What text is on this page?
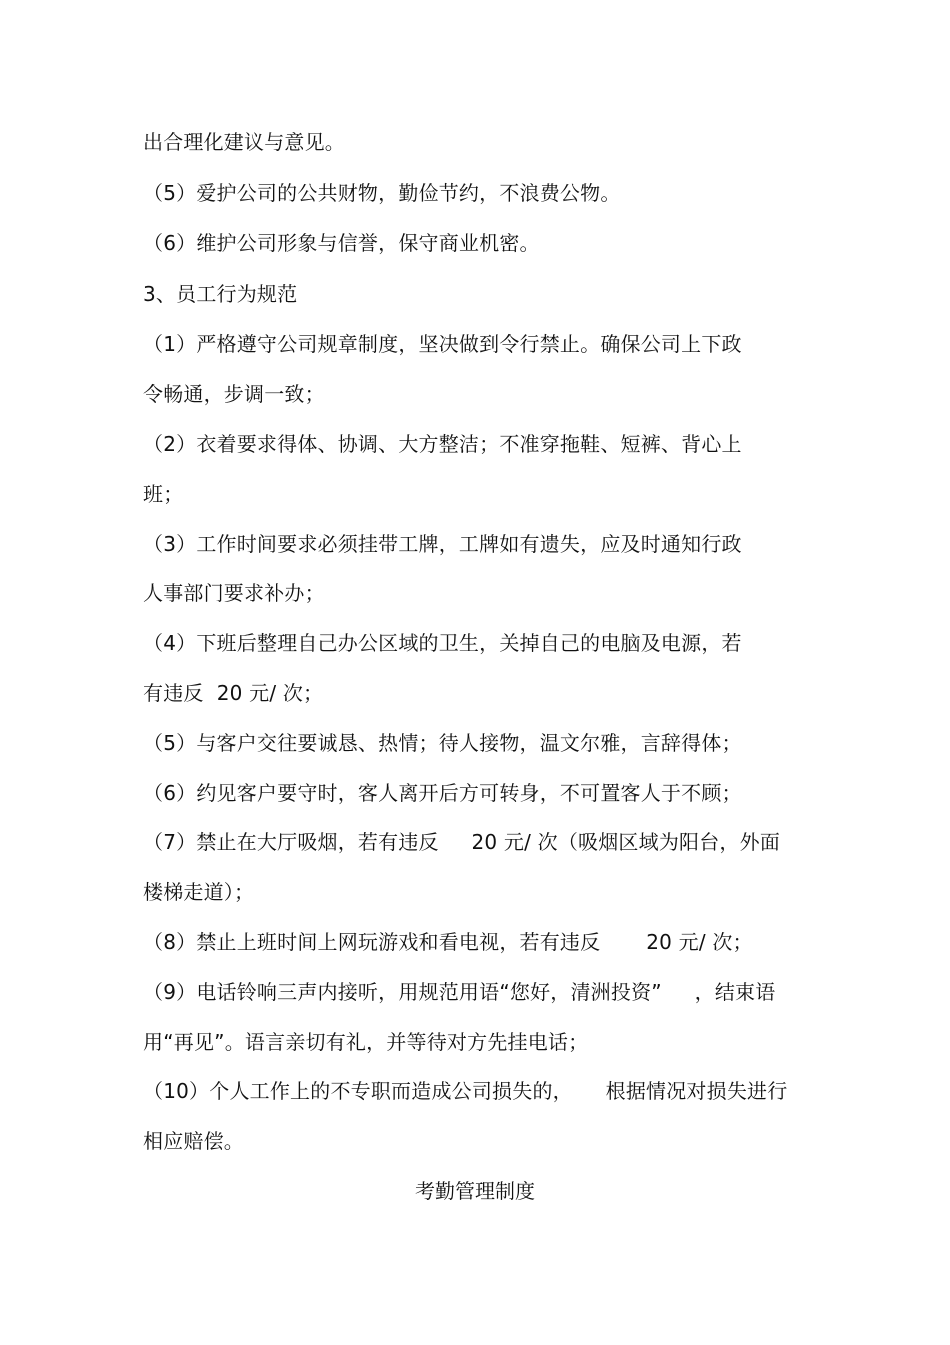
出合理化建议与意见。
（5）爱护公司的公共财物，勤俭节约，不浪费公物。
（6）维护公司形象与信誉，保守商业机密。
3、员工行为规范
（1）严格遵守公司规章制度，坚决做到令行禁止。确保公司上下政
令畅通，步调一致；
（2）衣着要求得体、协调、大方整洁；不准穿拖鞋、短裤、背心上
班；
（3）工作时间要求必须挂带工牌，工牌如有遗失，应及时通知行政
人事部门要求补办；
（4）下班后整理自己办公区域的卫生，关掉自己的电脑及电源，若
有违反  20 元/ 次；
（5）与客户交往要诚恳、热情；待人接物，温文尔雅，言辞得体；
（6）约见客户要守时，客人离开后方可转身，不可置客人于不顾；
（7）禁止在大厅吸烟，若有违反     20 元/ 次（吸烟区域为阳台，外面
楼梯走道）；
（8）禁止上班时间上网玩游戏和看电视，若有违反       20 元/ 次；
（9）电话铃响三声内接听，用规范用语“您好，清洲投资”     ，结束语
用“再见”。语言亲切有礼，并等待对方先挂电话；
（10）个人工作上的不专职而造成公司损失的，     根据情况对损失进行
相应赔偿。
考勤管理制度
